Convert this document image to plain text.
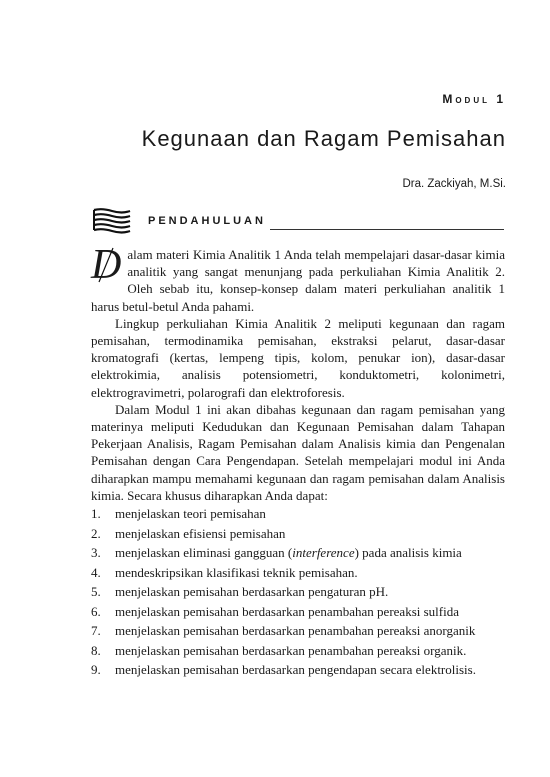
Modul 1
Kegunaan dan Ragam Pemisahan
Dra. Zackiyah, M.Si.
PENDAHULUAN

Dalam materi Kimia Analitik 1 Anda telah mempelajari dasar-dasar kimia analitik yang sangat menunjang pada perkuliahan Kimia Analitik 2. Oleh sebab itu, konsep-konsep dalam materi perkuliahan analitik 1 harus betul-betul Anda pahami.

Lingkup perkuliahan Kimia Analitik 2 meliputi kegunaan dan ragam pemisahan, termodinamika pemisahan, ekstraksi pelarut, dasar-dasar kromatografi (kertas, lempeng tipis, kolom, penukar ion), dasar-dasar elektrokimia, analisis potensiometri, konduktometri, kolonimetri, elektrogravimetri, polarografi dan elektroforesis.

Dalam Modul 1 ini akan dibahas kegunaan dan ragam pemisahan yang materinya meliputi Kedudukan dan Kegunaan Pemisahan dalam Tahapan Pekerjaan Analisis, Ragam Pemisahan dalam Analisis kimia dan Pengenalan Pemisahan dengan Cara Pengendapan. Setelah mempelajari modul ini Anda diharapkan mampu memahami kegunaan dan ragam pemisahan dalam Analisis kimia. Secara khusus diharapkan Anda dapat:

1. menjelaskan teori pemisahan
2. menjelaskan efisiensi pemisahan
3. menjelaskan eliminasi gangguan (interference) pada analisis kimia
4. mendeskripsikan klasifikasi teknik pemisahan.
5. menjelaskan pemisahan berdasarkan pengaturan pH.
6. menjelaskan pemisahan berdasarkan penambahan pereaksi sulfida
7. menjelaskan pemisahan berdasarkan penambahan pereaksi anorganik
8. menjelaskan pemisahan berdasarkan penambahan pereaksi organik.
9. menjelaskan pemisahan berdasarkan pengendapan secara elektrolisis.
